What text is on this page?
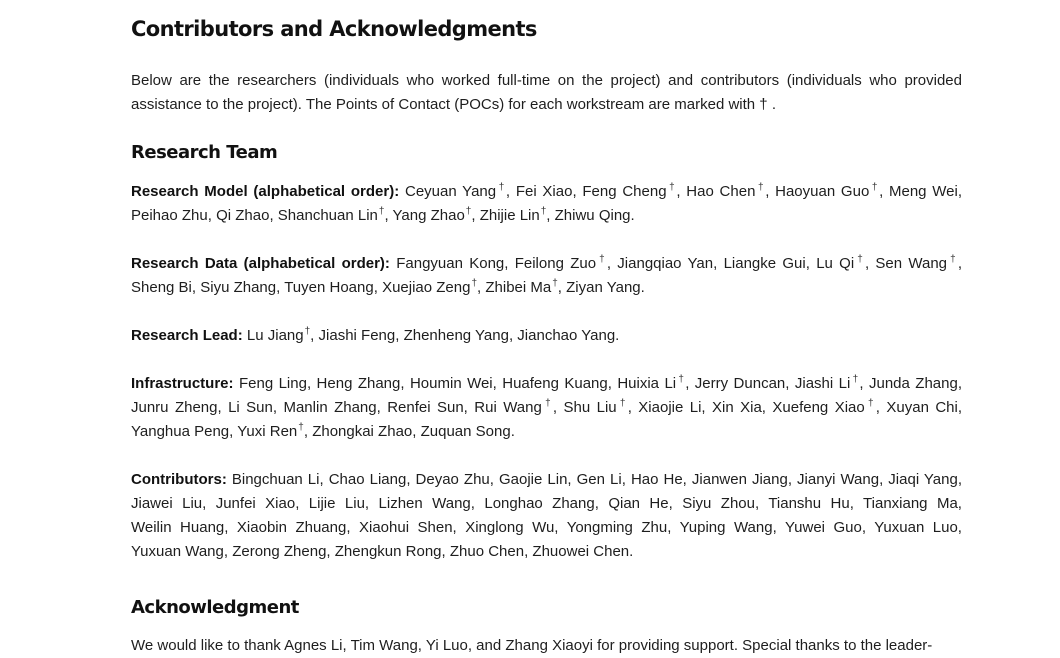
Contributors and Acknowledgments

Below are the researchers (individuals who worked full-time on the project) and contributors (individuals who provided assistance to the project). The Points of Contact (POCs) for each workstream are marked with † .

Research Team

Research Model (alphabetical order): Ceyuan Yang†, Fei Xiao, Feng Cheng†, Hao Chen†, Haoyuan Guo†, Meng Wei, Peihao Zhu, Qi Zhao, Shanchuan Lin†, Yang Zhao†, Zhijie Lin†, Zhiwu Qing.

Research Data (alphabetical order): Fangyuan Kong, Feilong Zuo†, Jiangqiao Yan, Liangke Gui, Lu Qi†, Sen Wang†, Sheng Bi, Siyu Zhang, Tuyen Hoang, Xuejiao Zeng†, Zhibei Ma†, Ziyan Yang.

Research Lead: Lu Jiang†, Jiashi Feng, Zhenheng Yang, Jianchao Yang.

Infrastructure: Feng Ling, Heng Zhang, Houmin Wei, Huafeng Kuang, Huixia Li†, Jerry Duncan, Jiashi Li†, Junda Zhang, Junru Zheng, Li Sun, Manlin Zhang, Renfei Sun, Rui Wang†, Shu Liu†, Xiaojie Li, Xin Xia, Xuefeng Xiao†, Xuyan Chi, Yanghua Peng, Yuxi Ren†, Zhongkai Zhao, Zuquan Song.

Contributors: Bingchuan Li, Chao Liang, Deyao Zhu, Gaojie Lin, Gen Li, Hao He, Jianwen Jiang, Jianyi Wang, Jiaqi Yang, Jiawei Liu, Junfei Xiao, Lijie Liu, Lizhen Wang, Longhao Zhang, Qian He, Siyu Zhou, Tianshu Hu, Tianxiang Ma, Weilin Huang, Xiaobin Zhuang, Xiaohui Shen, Xinglong Wu, Yongming Zhu, Yuping Wang, Yuwei Guo, Yuxuan Luo, Yuxuan Wang, Zerong Zheng, Zhengkun Rong, Zhuo Chen, Zhuowei Chen.

Acknowledgment

We would like to thank Agnes Li, Tim Wang, Yi Luo, and Zhang Xiaoyi for providing support. Special thanks to the leader-
